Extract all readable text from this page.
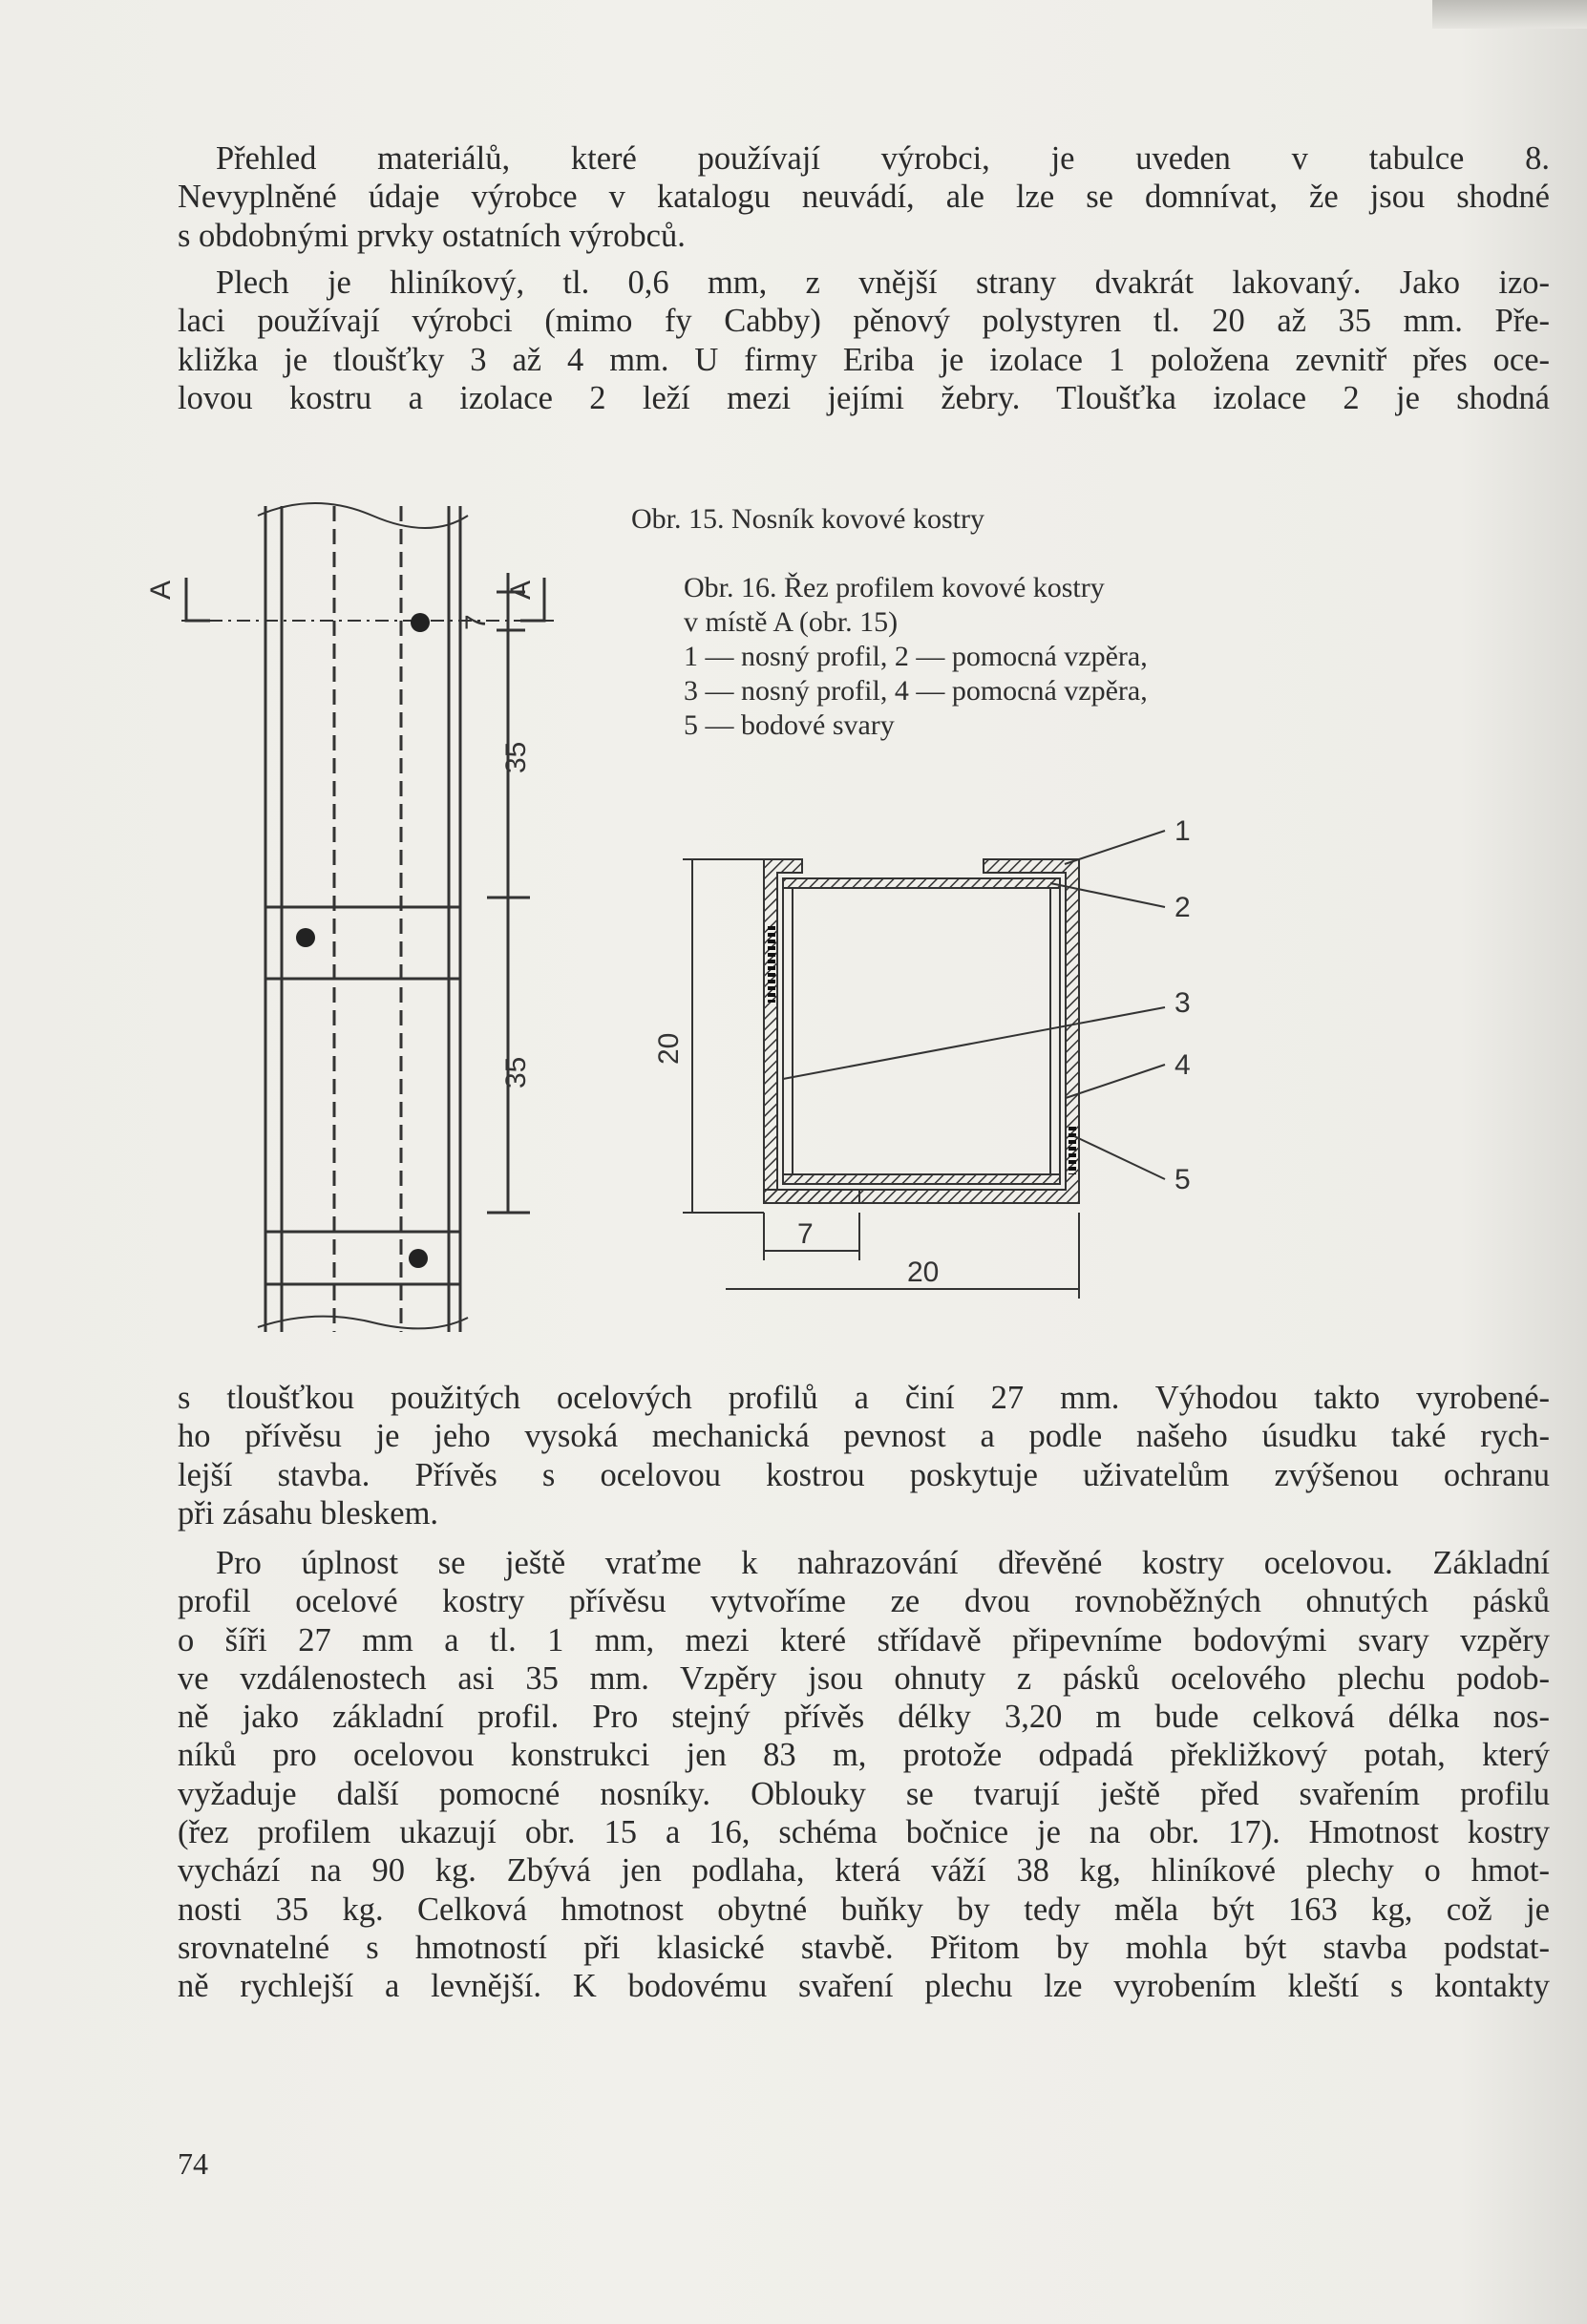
Přehled materiálů, které používají výrobci, je uveden v tabulce 8.
Nevyplněné údaje výrobce v katalogu neuvádí, ale lze se domnívat, že jsou shodné
s obdobnými prvky ostatních výrobců.

Plech je hliníkový, tl. 0,6 mm, z vnější strany dvakrát lakovaný. Jako izo-
laci používají výrobci (mimo fy Cabby) pěnový polystyren tl. 20 až 35 mm. Pře-
kližka je tloušťky 3 až 4 mm. U firmy Eriba je izolace 1 položena zevnitř přes oce-
lovou kostru a izolace 2 leží mezi jejími žebry. Tloušťka izolace 2 je shodná

Obr. 15. Nosník kovové kostry

Obr. 16. Řez profilem kovové kostry
v místě A (obr. 15)
1 — nosný profil, 2 — pomocná vzpěra,
3 — nosný profil, 4 — pomocná vzpěra,
5 — bodové svary

A	A
7
35
35
1
2
3
4
5
20
7
20

s tloušťkou použitých ocelových profilů a činí 27 mm. Výhodou takto vyrobené-
ho přívěsu je jeho vysoká mechanická pevnost a podle našeho úsudku také rych-
lejší stavba. Přívěs s ocelovou kostrou poskytuje uživatelům zvýšenou ochranu
při zásahu bleskem.

Pro úplnost se ještě vraťme k nahrazování dřevěné kostry ocelovou. Základní
profil ocelové kostry přívěsu vytvoříme ze dvou rovnoběžných ohnutých pásků
o šíři 27 mm a tl. 1 mm, mezi které střídavě připevníme bodovými svary vzpěry
ve vzdálenostech asi 35 mm. Vzpěry jsou ohnuty z pásků ocelového plechu podob-
ně jako základní profil. Pro stejný přívěs délky 3,20 m bude celková délka nos-
níků pro ocelovou konstrukci jen 83 m, protože odpadá překližkový potah, který
vyžaduje další pomocné nosníky. Oblouky se tvarují ještě před svařením profilu
(řez profilem ukazují obr. 15 a 16, schéma bočnice je na obr. 17). Hmotnost kostry
vychází na 90 kg. Zbývá jen podlaha, která váží 38 kg, hliníkové plechy o hmot-
nosti 35 kg. Celková hmotnost obytné buňky by tedy měla být 163 kg, což je
srovnatelné s hmotností při klasické stavbě. Přitom by mohla být stavba podstat-
ně rychlejší a levnější. K bodovému svaření plechu lze vyrobením kleští s kontakty

74
